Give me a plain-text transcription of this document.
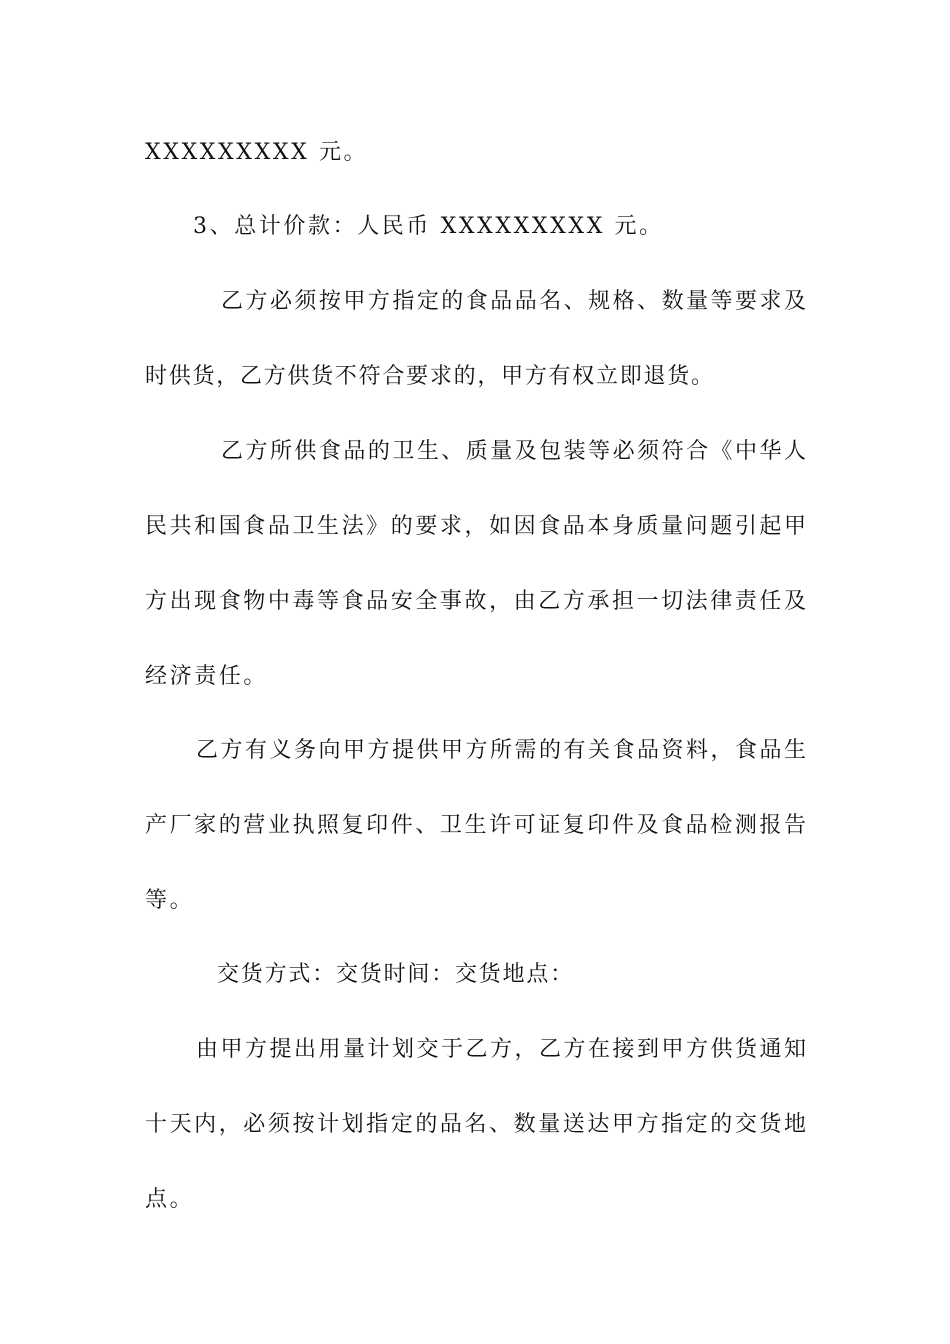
XXXXXXXXX 元。
3、总计价款：人民币 XXXXXXXXX 元。
乙方必须按甲方指定的食品品名、规格、数量等要求及
时供货，乙方供货不符合要求的，甲方有权立即退货。
乙方所供食品的卫生、质量及包装等必须符合《中华人
民共和国食品卫生法》的要求，如因食品本身质量问题引起甲
方出现食物中毒等食品安全事故，由乙方承担一切法律责任及
经济责任。
乙方有义务向甲方提供甲方所需的有关食品资料，食品生
产厂家的营业执照复印件、卫生许可证复印件及食品检测报告
等。
交货方式：交货时间：交货地点：
由甲方提出用量计划交于乙方，乙方在接到甲方供货通知
十天内，必须按计划指定的品名、数量送达甲方指定的交货地
点。
